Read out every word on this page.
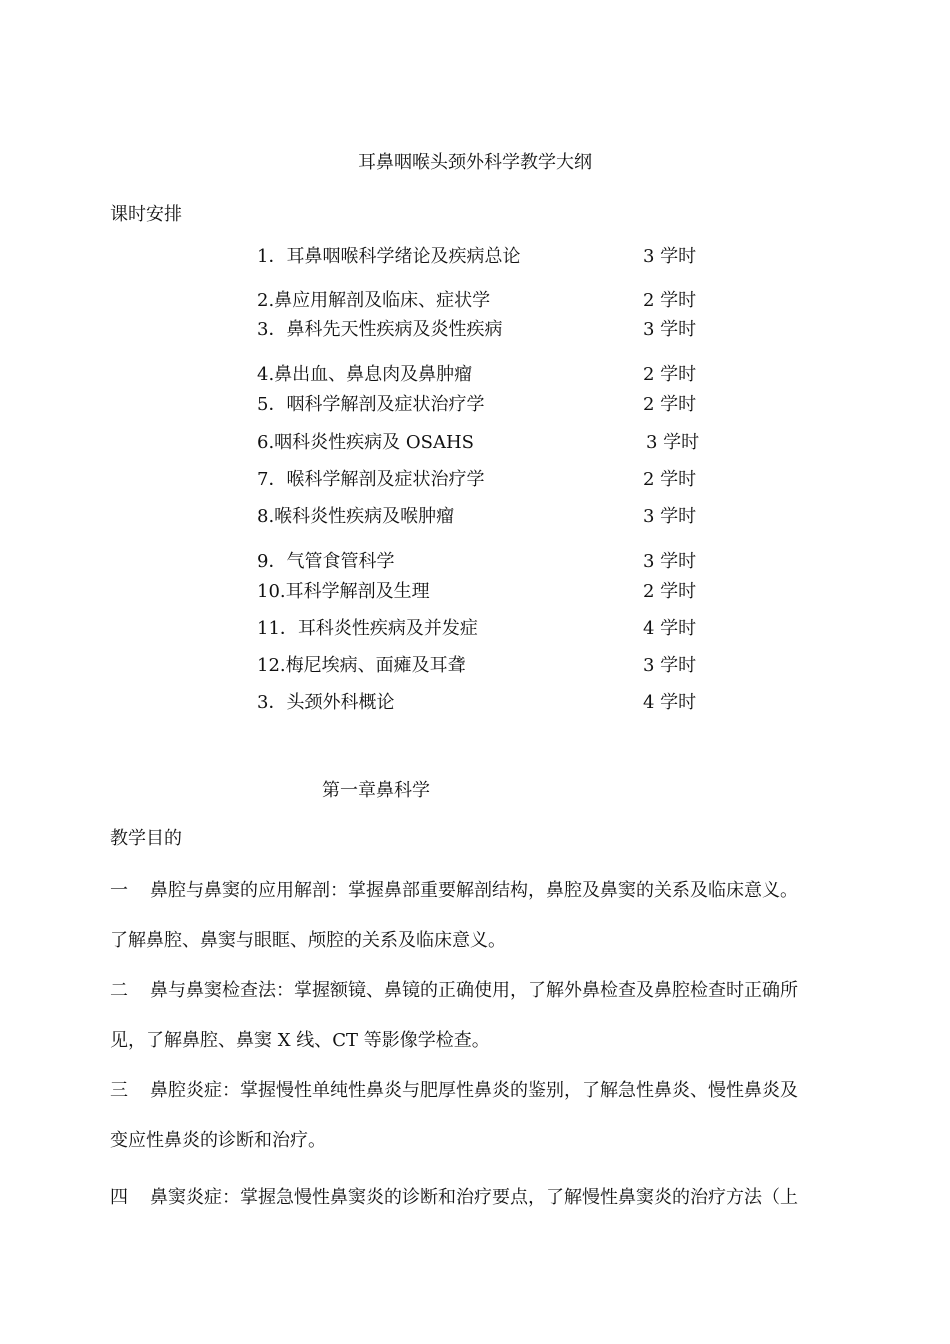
耳鼻咽喉头颈外科学教学大纲
课时安排
1．耳鼻咽喉科学绪论及疾病总论	3 学时
2.鼻应用解剖及临床、症状学	2 学时
3．鼻科先天性疾病及炎性疾病	3 学时
4.鼻出血、鼻息肉及鼻肿瘤	2 学时
5．咽科学解剖及症状治疗学	2 学时
6.咽科炎性疾病及 OSAHS	3 学时
7．喉科学解剖及症状治疗学	2 学时
8.喉科炎性疾病及喉肿瘤	3 学时
9．气管食管科学	3 学时
10.耳科学解剖及生理	2 学时
11．耳科炎性疾病及并发症	4 学时
12.梅尼埃病、面瘫及耳聋	3 学时
3．头颈外科概论	4 学时
第一章鼻科学
教学目的
一 鼻腔与鼻窦的应用解剖：掌握鼻部重要解剖结构，鼻腔及鼻窦的关系及临床意义。
了解鼻腔、鼻窦与眼眶、颅腔的关系及临床意义。
二 鼻与鼻窦检查法：掌握额镜、鼻镜的正确使用，了解外鼻检查及鼻腔检查时正确所
见，了解鼻腔、鼻窦 X 线、CT 等影像学检查。
三 鼻腔炎症：掌握慢性单纯性鼻炎与肥厚性鼻炎的鉴别，了解急性鼻炎、慢性鼻炎及
变应性鼻炎的诊断和治疗。
四 鼻窦炎症：掌握急慢性鼻窦炎的诊断和治疗要点，了解慢性鼻窦炎的治疗方法（上
